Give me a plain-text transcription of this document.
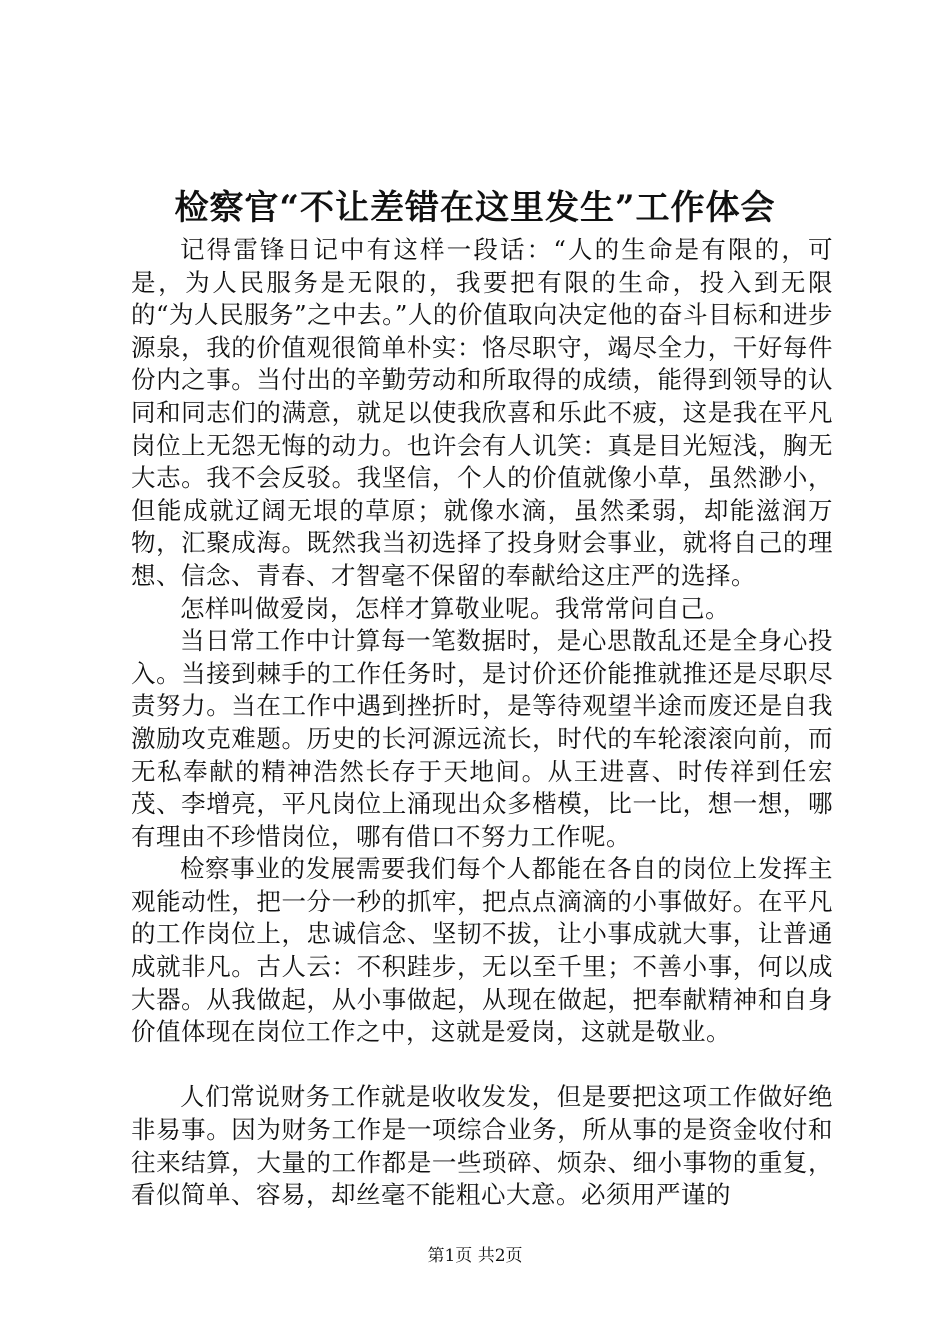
检察官“不让差错在这里发生”工作体会

记得雷锋日记中有这样一段话：“人的生命是有限的，可是，为人民服务是无限的，我要把有限的生命，投入到无限的“为人民服务”之中去。”人的价值取向决定他的奋斗目标和进步源泉，我的价值观很简单朴实：恪尽职守，竭尽全力，干好每件份内之事。当付出的辛勤劳动和所取得的成绩，能得到领导的认同和同志们的满意，就足以使我欣喜和乐此不疲，这是我在平凡岗位上无怨无悔的动力。也许会有人讥笑：真是目光短浅，胸无大志。我不会反驳。我坚信，个人的价值就像小草，虽然渺小，但能成就辽阔无垠的草原；就像水滴，虽然柔弱，却能滋润万物，汇聚成海。既然我当初选择了投身财会事业，就将自己的理想、信念、青春、才智毫不保留的奉献给这庄严的选择。

怎样叫做爱岗，怎样才算敬业呢。我常常问自己。

当日常工作中计算每一笔数据时，是心思散乱还是全身心投入。当接到棘手的工作任务时，是讨价还价能推就推还是尽职尽责努力。当在工作中遇到挫折时，是等待观望半途而废还是自我激励攻克难题。历史的长河源远流长，时代的车轮滚滚向前，而无私奉献的精神浩然长存于天地间。从王进喜、时传祥到任宏茂、李增亮，平凡岗位上涌现出众多楷模，比一比，想一想，哪有理由不珍惜岗位，哪有借口不努力工作呢。

检察事业的发展需要我们每个人都能在各自的岗位上发挥主观能动性，把一分一秒的抓牢，把点点滴滴的小事做好。在平凡的工作岗位上，忠诚信念、坚韧不拔，让小事成就大事，让普通成就非凡。古人云：不积跬步，无以至千里；不善小事，何以成大器。从我做起，从小事做起，从现在做起，把奉献精神和自身价值体现在岗位工作之中，这就是爱岗，这就是敬业。

人们常说财务工作就是收收发发，但是要把这项工作做好绝非易事。因为财务工作是一项综合业务，所从事的是资金收付和往来结算，大量的工作都是一些琐碎、烦杂、细小事物的重复，看似简单、容易，却丝毫不能粗心大意。必须用严谨的

第1页 共2页
